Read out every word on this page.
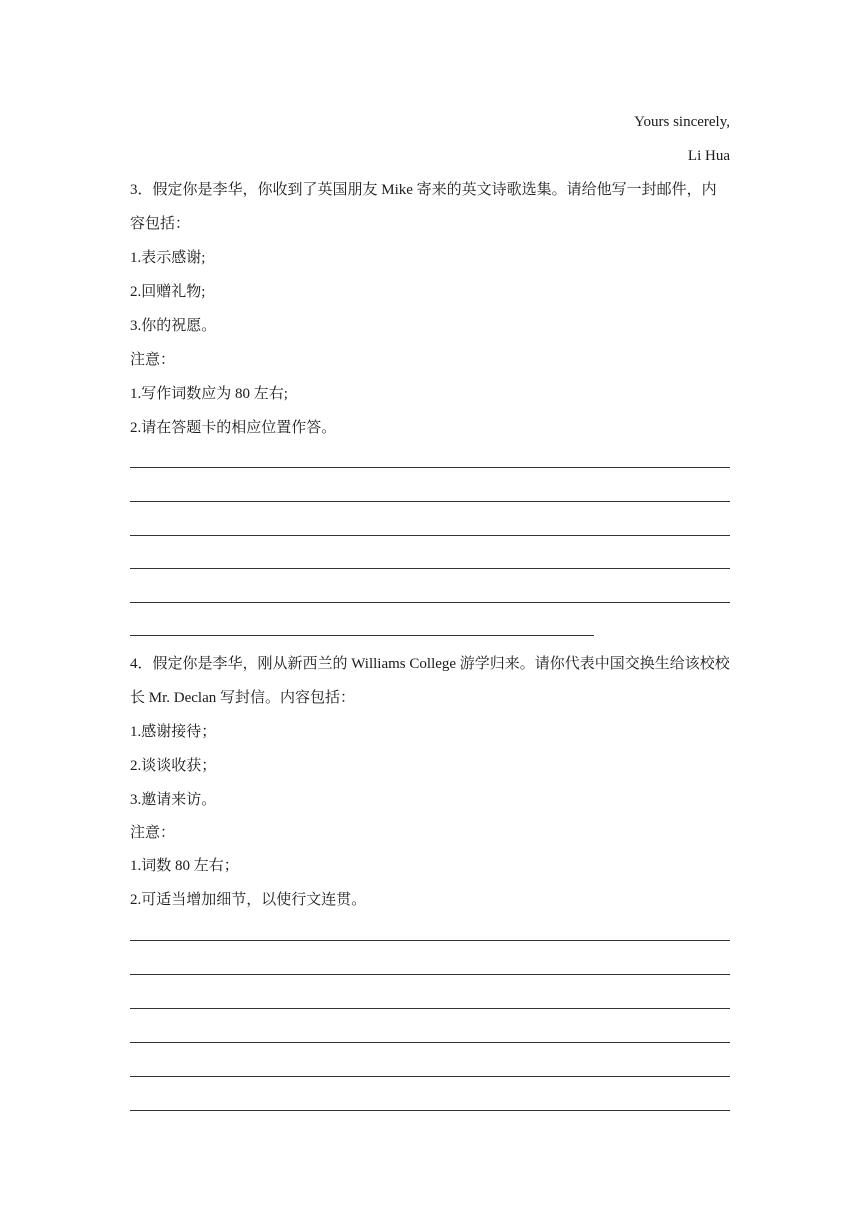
Yours sincerely,
Li Hua
3．假定你是李华，你收到了英国朋友 Mike 寄来的英文诗歌选集。请给他写一封邮件，内
容包括：
1.表示感谢;
2.回赠礼物;
3.你的祝愿。
注意：
1.写作词数应为 80 左右;
2.请在答题卡的相应位置作答。
4．假定你是李华，刚从新西兰的 Williams College 游学归来。请你代表中国交换生给该校校
长 Mr. Declan 写封信。内容包括：
1.感谢接待；
2.谈谈收获；
3.邀请来访。
注意：
1.词数 80 左右；
2.可适当增加细节，以使行文连贯。
